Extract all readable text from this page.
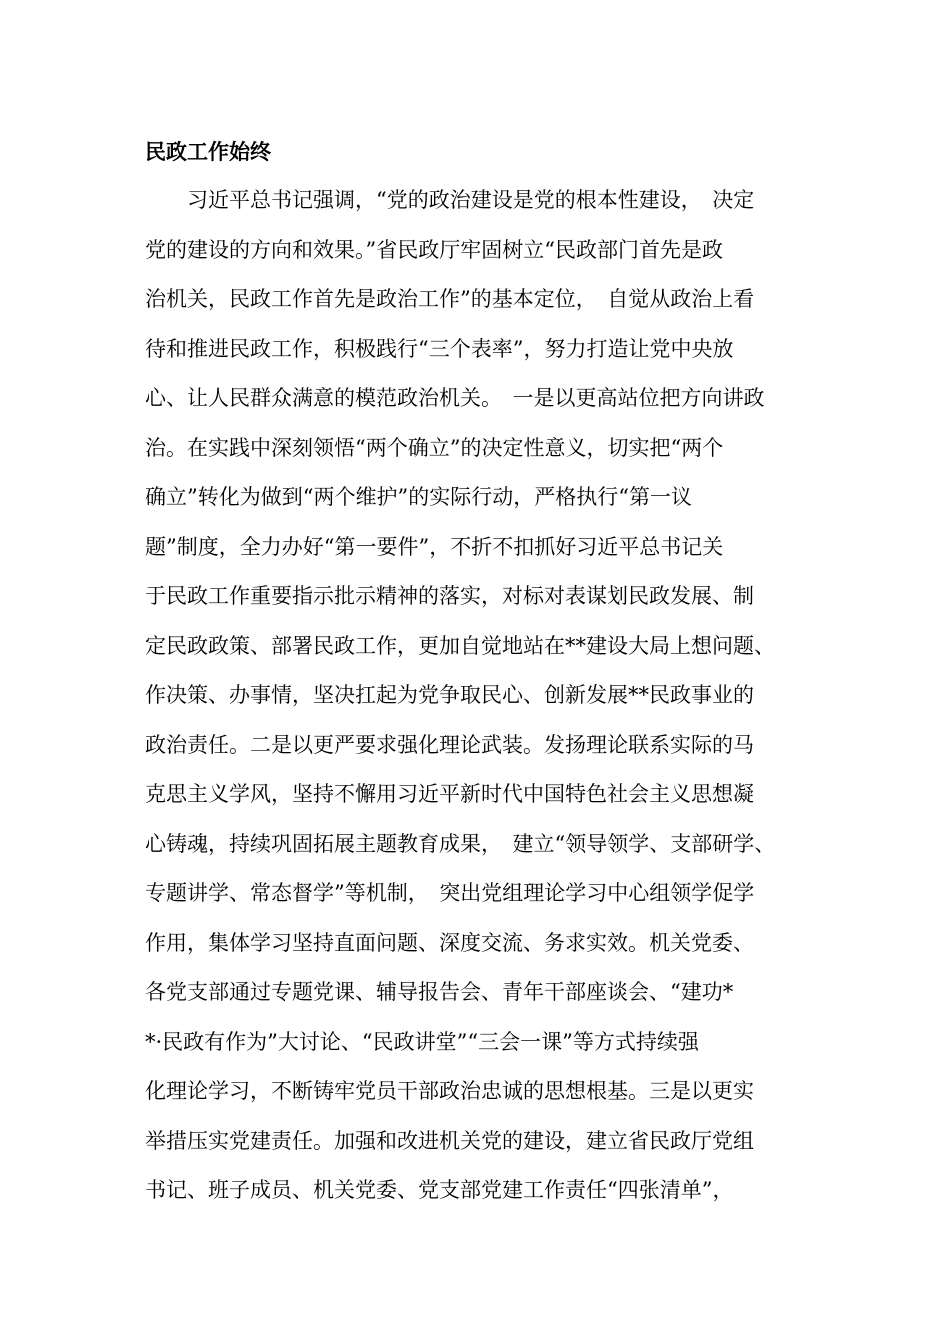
民政工作始终
　　习近平总书记强调，“党的政治建设是党的根本性建设，　决定
党的建设的方向和效果。”省民政厅牢固树立“民政部门首先是政
治机关，民政工作首先是政治工作”的基本定位，　自觉从政治上看
待和推进民政工作，积极践行“三个表率”，努力打造让党中央放
心、让人民群众满意的模范政治机关。　一是以更高站位把方向讲政
治。在实践中深刻领悟“两个确立”的决定性意义，切实把“两个
确立”转化为做到“两个维护”的实际行动，严格执行“第一议
题”制度，全力办好“第一要件”，不折不扣抓好习近平总书记关
于民政工作重要指示批示精神的落实，对标对表谋划民政发展、制
定民政政策、部署民政工作，更加自觉地站在**建设大局上想问题、
作决策、办事情，坚决扛起为党争取民心、创新发展**民政事业的
政治责任。二是以更严要求强化理论武装。发扬理论联系实际的马
克思主义学风，坚持不懈用习近平新时代中国特色社会主义思想凝
心铸魂，持续巩固拓展主题教育成果，　建立“领导领学、支部研学、
专题讲学、常态督学”等机制，　突出党组理论学习中心组领学促学
作用，集体学习坚持直面问题、深度交流、务求实效。机关党委、
各党支部通过专题党课、辅导报告会、青年干部座谈会、“建功*
*·民政有作为”大讨论、“民政讲堂”“三会一课”等方式持续强
化理论学习，不断铸牢党员干部政治忠诚的思想根基。三是以更实
举措压实党建责任。加强和改进机关党的建设，建立省民政厅党组
书记、班子成员、机关党委、党支部党建工作责任“四张清单”，
